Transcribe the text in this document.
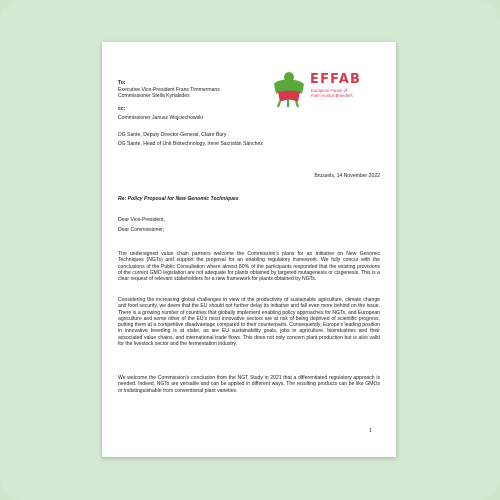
EFFAB
European Forum of
Farm Animal Breeders
To:
Executive Vice-President Frans Timmermans
Commissioner Stella Kyriakides
cc:
Commissioner Janusz Wojciechowski
DG Sante, Deputy Director-General, Claire Bury
DG Sante, Head of Unit Biotechnology, Irene Sacristán Sánchez
Brussels, 14 November 2022
Re: Policy Proposal for New Genomic Techniques
Dear Vice-President,
Dear Commissioner,
The undersigned value chain partners welcome the Commission’s plans for an Initiative on New Genomic Techniques (NGTs) and support the proposal for an enabling regulatory framework. We fully concur with the conclusions of the Public Consultation where almost 80% of the participants responded that the existing provisions of the current GMO legislation are not adequate for plants obtained by targeted mutagenesis or cisgenesis. This is a clear request of relevant stakeholders for a new framework for plants obtained by NGTs.
Considering the increasing global challenges in view of the productivity of sustainable agriculture, climate change and food security, we deem that the EU should not further delay its initiative and fall even more behind on the issue. There is a growing number of countries that globally implement enabling policy approaches for NGTs, and European agriculture and some other of the EU’s most innovative sectors are at risk of being deprived of scientific progress, putting them at a competitive disadvantage compared to their counterparts. Consequently, Europe’s leading position in innovative breeding is at stake, as are EU sustainability goals, jobs in agriculture, bioindustries and their associated value chains, and international trade flows. This does not only concern plant production but is also valid for the livestock sector and the fermentation industry.
We welcome the Commission’s conclusion from the NGT Study in 2021 that a differentiated regulatory approach is needed. Indeed, NGTs are versatile and can be applied in different ways. The resulting products can be like GMOs or indistinguishable from conventional plant varieties.
1
